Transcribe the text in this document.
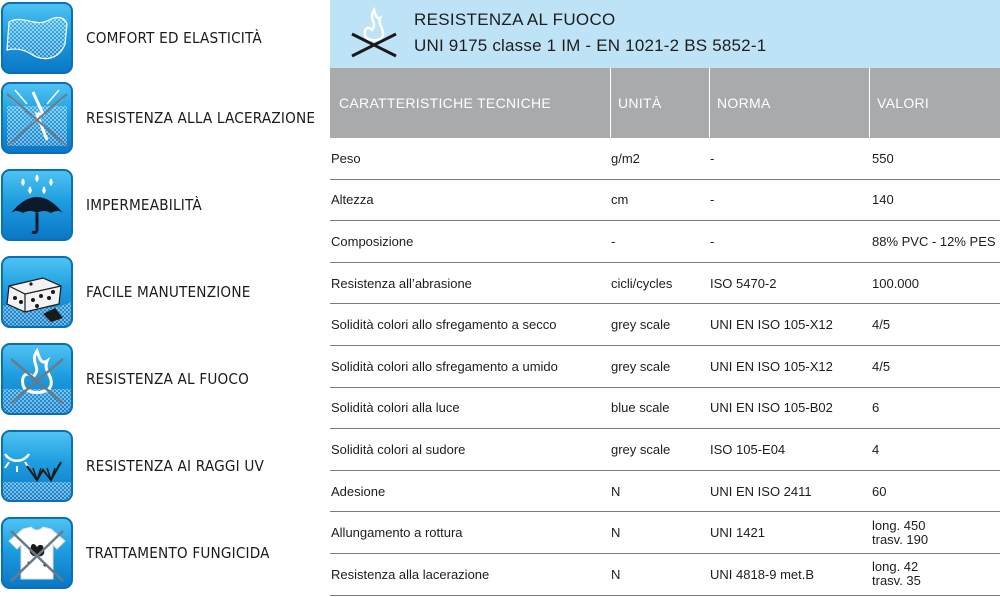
COMFORT ED ELASTICITÀ
RESISTENZA ALLA LACERAZIONE
IMPERMEABILITÀ
FACILE MANUTENZIONE
RESISTENZA AL FUOCO
RESISTENZA AI RAGGI UV
TRATTAMENTO FUNGICIDA
RESISTENZA AL FUOCO
UNI 9175 classe 1 IM - EN 1021-2 BS 5852-1
CARATTERISTICHE TECNICHE	UNITÀ	NORMA	VALORI
Peso	g/m2	-	550
Altezza	cm	-	140
Composizione	-	-	88% PVC - 12% PES
Resistenza all’abrasione	cicli/cycles	ISO 5470-2	100.000
Solidità colori allo sfregamento a secco	grey scale	UNI EN ISO 105-X12	4/5
Solidità colori allo sfregamento a umido	grey scale	UNI EN ISO 105-X12	4/5
Solidità colori alla luce	blue scale	UNI EN ISO 105-B02	6
Solidità colori al sudore	grey scale	ISO 105-E04	4
Adesione	N	UNI EN ISO 2411	60
Allungamento a rottura	N	UNI 1421	long. 450
trasv. 190
Resistenza alla lacerazione	N	UNI 4818-9 met.B	long. 42
trasv. 35
